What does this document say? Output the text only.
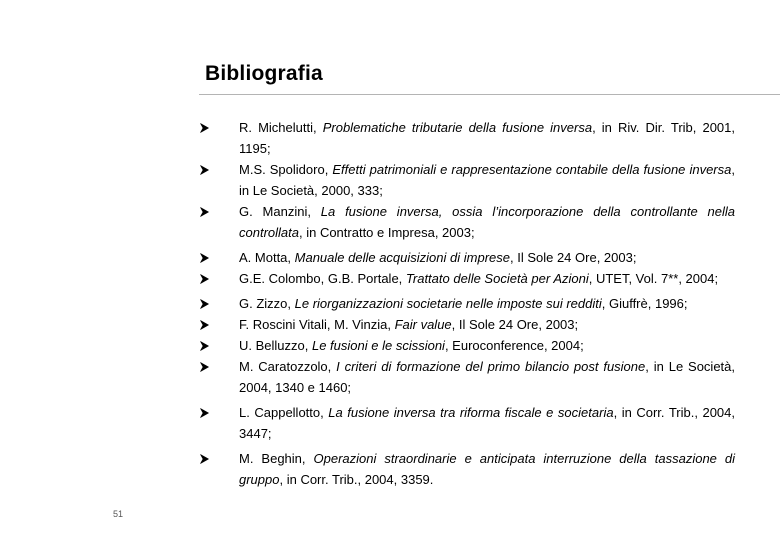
Bibliografia
R. Michelutti, Problematiche tributarie della fusione inversa, in Riv. Dir. Trib, 2001, 1195;
M.S. Spolidoro, Effetti patrimoniali e rappresentazione contabile della fusione inversa, in Le Società, 2000, 333;
G. Manzini, La fusione inversa, ossia l’incorporazione della controllante nella controllata, in Contratto e Impresa, 2003;
A. Motta, Manuale delle acquisizioni di imprese, Il Sole 24 Ore, 2003;
G.E. Colombo, G.B. Portale, Trattato delle Società per Azioni, UTET, Vol. 7**, 2004;
G. Zizzo, Le riorganizzazioni societarie nelle imposte sui redditi, Giuffrè, 1996;
F. Roscini Vitali, M. Vinzia, Fair value, Il Sole 24 Ore, 2003;
U. Belluzzo, Le fusioni e le scissioni, Euroconference, 2004;
M. Caratozzolo, I criteri di formazione del primo bilancio post fusione, in Le Società, 2004, 1340 e 1460;
L. Cappellotto, La fusione inversa tra riforma fiscale e societaria, in Corr. Trib., 2004, 3447;
M. Beghin, Operazioni straordinarie e anticipata interruzione della tassazione di gruppo, in Corr. Trib., 2004, 3359.
51
